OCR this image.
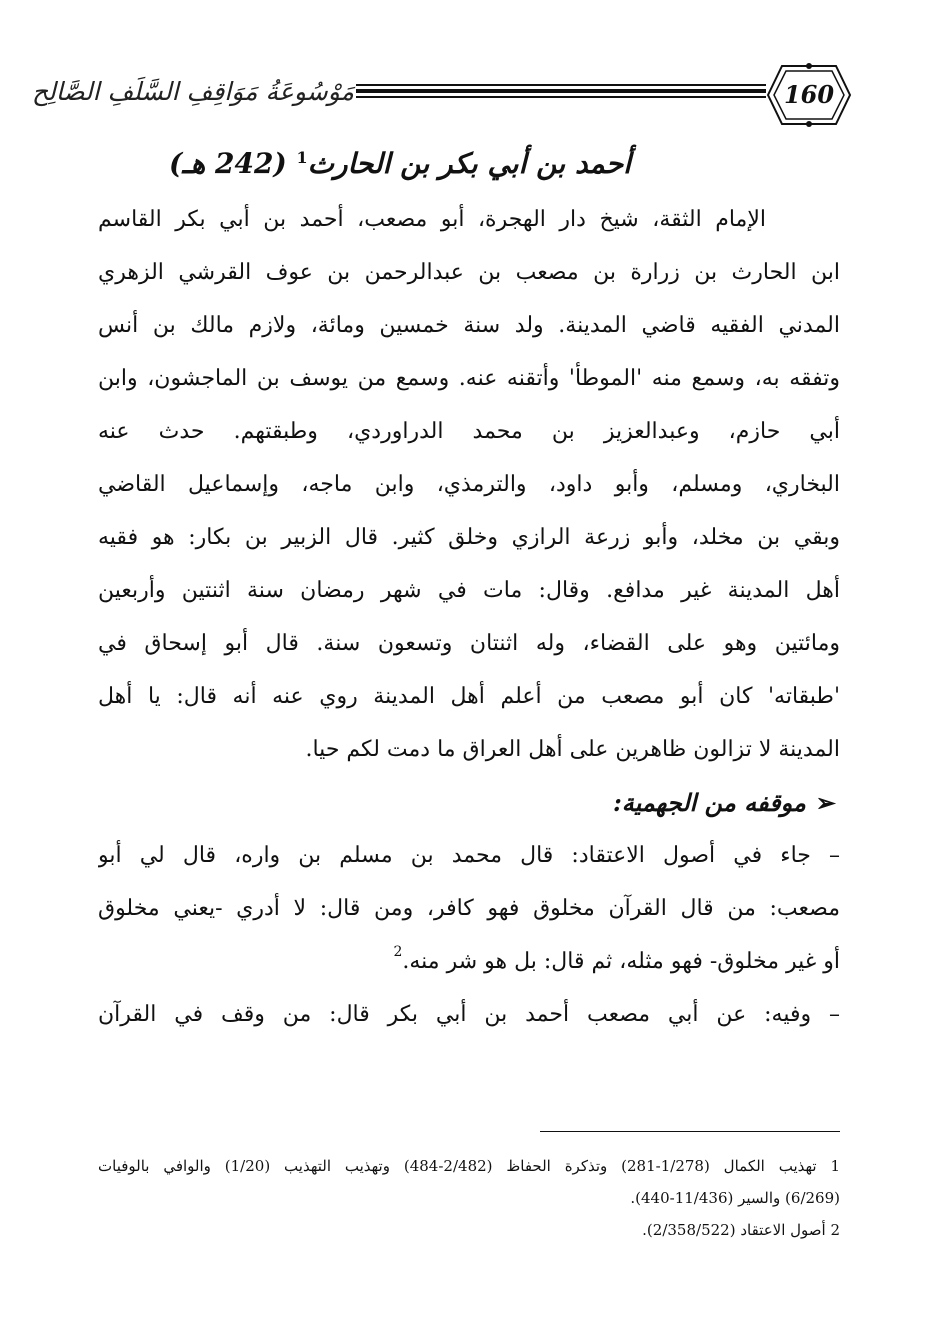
مَوْسُوعَةُ مَوَاقِفِ السَّلَفِ الصَّالِح	160
أحمد بن أبي بكر بن الحارث$^1$ (242 هـ)
الإمام الثقة، شيخ دار الهجرة، أبو مصعب، أحمد بن أبي بكر القاسم
ابن الحارث بن زرارة بن مصعب بن عبدالرحمن بن عوف القرشي الزهري
المدني الفقيه قاضي المدينة. ولد سنة خمسين ومائة، ولازم مالك بن أنس
وتفقه به، وسمع منه 'الموطأ' وأتقنه عنه. وسمع من يوسف بن الماجشون، وابن
أبي حازم، وعبدالعزيز بن محمد الدراوردي، وطبقتهم. حدث عنه
البخاري، ومسلم، وأبو داود، والترمذي، وابن ماجه، وإسماعيل القاضي
وبقي بن مخلد، وأبو زرعة الرازي وخلق كثير. قال الزبير بن بكار: هو فقيه
أهل المدينة غير مدافع. وقال: مات في شهر رمضان سنة اثنتين وأربعين
ومائتين وهو على القضاء، وله اثنتان وتسعون سنة. قال أبو إسحاق في
'طبقاته' كان أبو مصعب من أعلم أهل المدينة روي عنه أنه قال: يا أهل
المدينة لا تزالون ظاهرين على أهل العراق ما دمت لكم حيا.
➢موقفه من الجهمية:
– جاء في أصول الاعتقاد: قال محمد بن مسلم بن واره، قال لي أبو
مصعب: من قال القرآن مخلوق فهو كافر، ومن قال: لا أدري -يعني مخلوق
أو غير مخلوق- فهو مثله، ثم قال: بل هو شر منه.$^2$
– وفيه: عن أبي مصعب أحمد بن أبي بكر قال: من وقف في القرآن
1 تهذيب الكمال (1/278-281) وتذكرة الحفاظ (2/482-484) وتهذيب التهذيب (1/20) والوافي بالوفيات
(6/269) والسير (11/436-440).
2 أصول الاعتقاد (2/358/522).
